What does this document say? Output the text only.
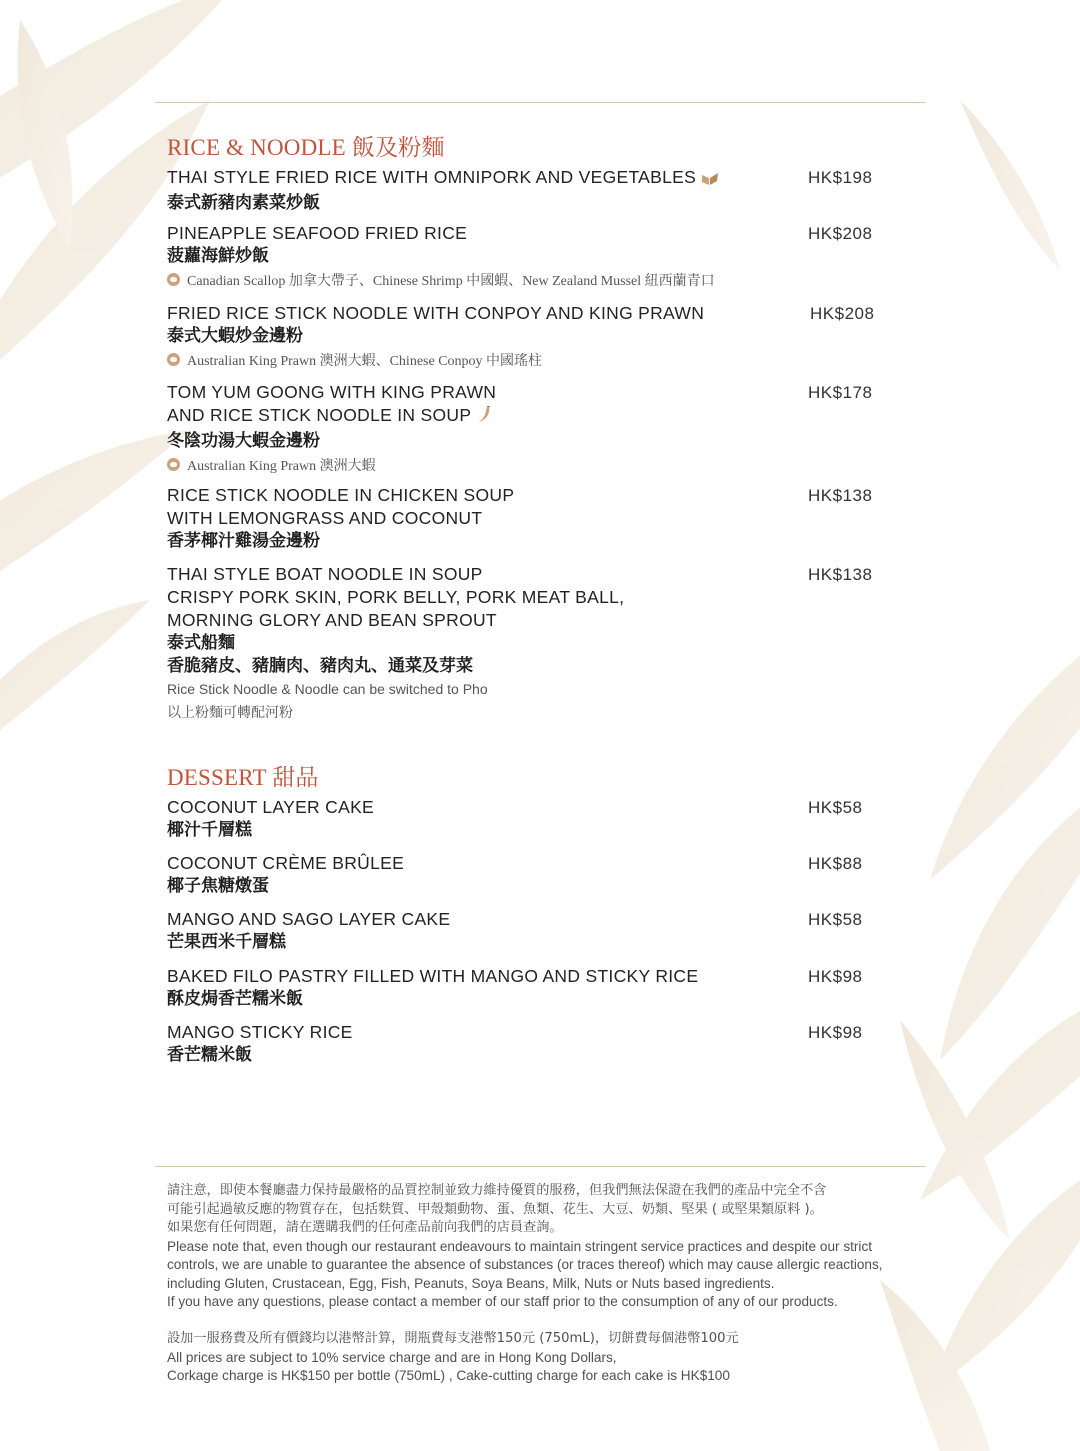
RICE & NOODLE 飯及粉麵
THAI STYLE FRIED RICE WITH OMNIPORK AND VEGETABLES
泰式新豬肉素菜炒飯
HK$198
PINEAPPLE SEAFOOD FRIED RICE
菠蘿海鮮炒飯
Canadian Scallop 加拿大帶子、Chinese Shrimp 中國蝦、New Zealand Mussel 紐西蘭青口
HK$208
FRIED RICE STICK NOODLE WITH CONPOY AND KING PRAWN
泰式大蝦炒金邊粉
Australian King Prawn 澳洲大蝦、Chinese Conpoy 中國瑤柱
HK$208
TOM YUM GOONG WITH KING PRAWN
AND RICE STICK NOODLE IN SOUP
冬陰功湯大蝦金邊粉
Australian King Prawn 澳洲大蝦
HK$178
RICE STICK NOODLE IN CHICKEN SOUP
WITH LEMONGRASS AND COCONUT
香茅椰汁雞湯金邊粉
HK$138
THAI STYLE BOAT NOODLE IN SOUP
CRISPY PORK SKIN, PORK BELLY, PORK MEAT BALL,
MORNING GLORY AND BEAN SPROUT
泰式船麵
香脆豬皮、豬腩肉、豬肉丸、通菜及芽菜
Rice Stick Noodle & Noodle can be switched to Pho
以上粉麵可轉配河粉
HK$138
DESSERT 甜品
COCONUT LAYER CAKE
椰汁千層糕
HK$58
COCONUT CRÈME BRÛLEE
椰子焦糖燉蛋
HK$88
MANGO AND SAGO LAYER CAKE
芒果西米千層糕
HK$58
BAKED FILO PASTRY FILLED WITH MANGO AND STICKY RICE
酥皮焗香芒糯米飯
HK$98
MANGO STICKY RICE
香芒糯米飯
HK$98

請注意，即使本餐廳盡力保持最嚴格的品質控制並致力維持優質的服務，但我們無法保證在我們的產品中完全不含

可能引起過敏反應的物質存在，包括麩質、甲殼類動物、蛋、魚類、花生、大豆、奶類、堅果 ( 或堅果類原料 )。

如果您有任何問題，請在選購我們的任何產品前向我們的店員查詢。

Please note that, even though our restaurant endeavours to maintain stringent service practices and despite our strict

controls, we are unable to guarantee the absence of substances (or traces thereof) which may cause allergic reactions,

including Gluten, Crustacean, Egg, Fish, Peanuts, Soya Beans, Milk, Nuts or Nuts based ingredients.

If you have any questions, please contact a member of our staff prior to the consumption of any of our products.

設加一服務費及所有價錢均以港幣計算，開瓶費每支港幣150元 (750mL)，切餅費每個港幣100元

All prices are subject to 10% service charge and are in Hong Kong Dollars,

Corkage charge is HK$150 per bottle (750mL) , Cake-cutting charge for each cake is HK$100
